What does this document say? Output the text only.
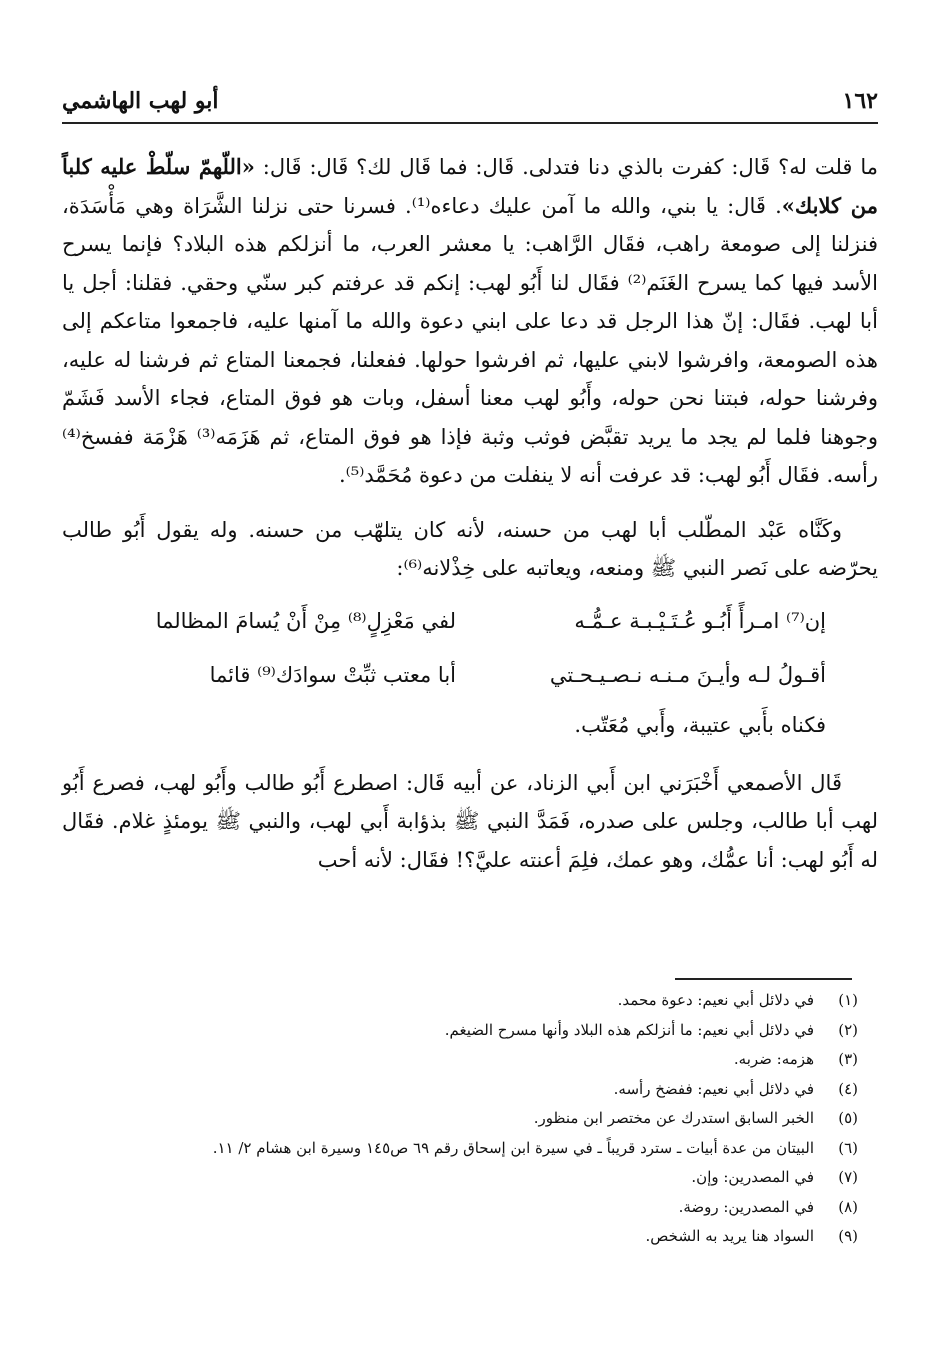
١٦٢
أبو لهب الهاشمي

ما قلت له؟ قَال: كفرت بالذي دنا فتدلى. قَال: فما قَال لك؟ قَال: قَال: «اللّهمّ سلّطْ عليه كلباً من كلابك». قَال: يا بني، والله ما آمن عليك دعاءه⁽¹⁾. فسرنا حتى نزلنا الشَّرَاة وهي مَأْسَدَة، فنزلنا إلى صومعة راهب، فقَال الرَّاهب: يا معشر العرب، ما أنزلكم هذه البلاد؟ فإنما يسرح الأسد فيها كما يسرح الغَنَم⁽²⁾ فقَال لنا أَبُو لهب: إنكم قد عرفتم كبر سنّي وحقي. فقلنا: أجل يا أبا لهب. فقَال: إنّ هذا الرجل قد دعا على ابني دعوة والله ما آمنها عليه، فاجمعوا متاعكم إلى هذه الصومعة، وافرشوا لابني عليها، ثم افرشوا حولها. ففعلنا، فجمعنا المتاع ثم فرشنا له عليه، وفرشنا حوله، فبتنا نحن حوله، وأَبُو لهب معنا أسفل، وبات هو فوق المتاع، فجاء الأسد فَشَمّ وجوهنا فلما لم يجد ما يريد تقبَّض فوثب وثبة فإذا هو فوق المتاع، ثم هَزَمَه⁽³⁾ هَزْمَة ففسخ⁽⁴⁾ رأسه. فقَال أَبُو لهب: قد عرفت أنه لا ينفلت من دعوة مُحَمَّد⁽⁵⁾.

وكَنَّاه عَبْد المطّلب أبا لهب من حسنه، لأنه كان يتلهّب من حسنه. وله يقول أَبُو طالب يحرّضه على نَصر النبي ﷺ ومنعه، ويعاتبه على خِذْلانه⁽⁶⁾:

إن⁽⁷⁾ امـرأً أَبُـو عُـتَـيْـبـة عـمُّـه
لفي مَعْزِلٍ⁽⁸⁾ مِنْ أَنْ يُسامَ المظالما
أقـولُ لـه وأيـنَ مـنـه نـصـيـحـتي
أبا معتب ثبِّتْ سوادَك⁽⁹⁾ قائما
فكناه بأَبي عتيبة، وأَبي مُعَتّب.

قَال الأصمعي أَخْبَرَني ابن أَبي الزناد، عن أبيه قَال: اصطرع أَبُو طالب وأَبُو لهب، فصرع أَبُو لهب أبا طالب، وجلس على صدره، فَمَدَّ النبي ﷺ بذؤابة أَبي لهب، والنبي ﷺ يومئذٍ غلام. فقَال له أَبُو لهب: أنا عمُّك، وهو عمك، فلِمَ أعنته عليَّ؟! فقَال: لأنه أحب

(١)
في دلائل أبي نعيم: دعوة محمد.
(٢)
في دلائل أبي نعيم: ما أنزلكم هذه البلاد وأنها مسرح الضيغم.
(٣)
هزمه: ضربه.
(٤)
في دلائل أبي نعيم: ففضخ رأسه.
(٥)
الخبر السابق استدرك عن مختصر ابن منظور.
(٦)
البيتان من عدة أبيات ـ سترد قريباً ـ في سيرة ابن إسحاق رقم ٦٩ ص١٤٥ وسيرة ابن هشام ٢/ ١١.
(٧)
في المصدرين: وإن.
(٨)
في المصدرين: روضة.
(٩)
السواد هنا يريد به الشخص.
